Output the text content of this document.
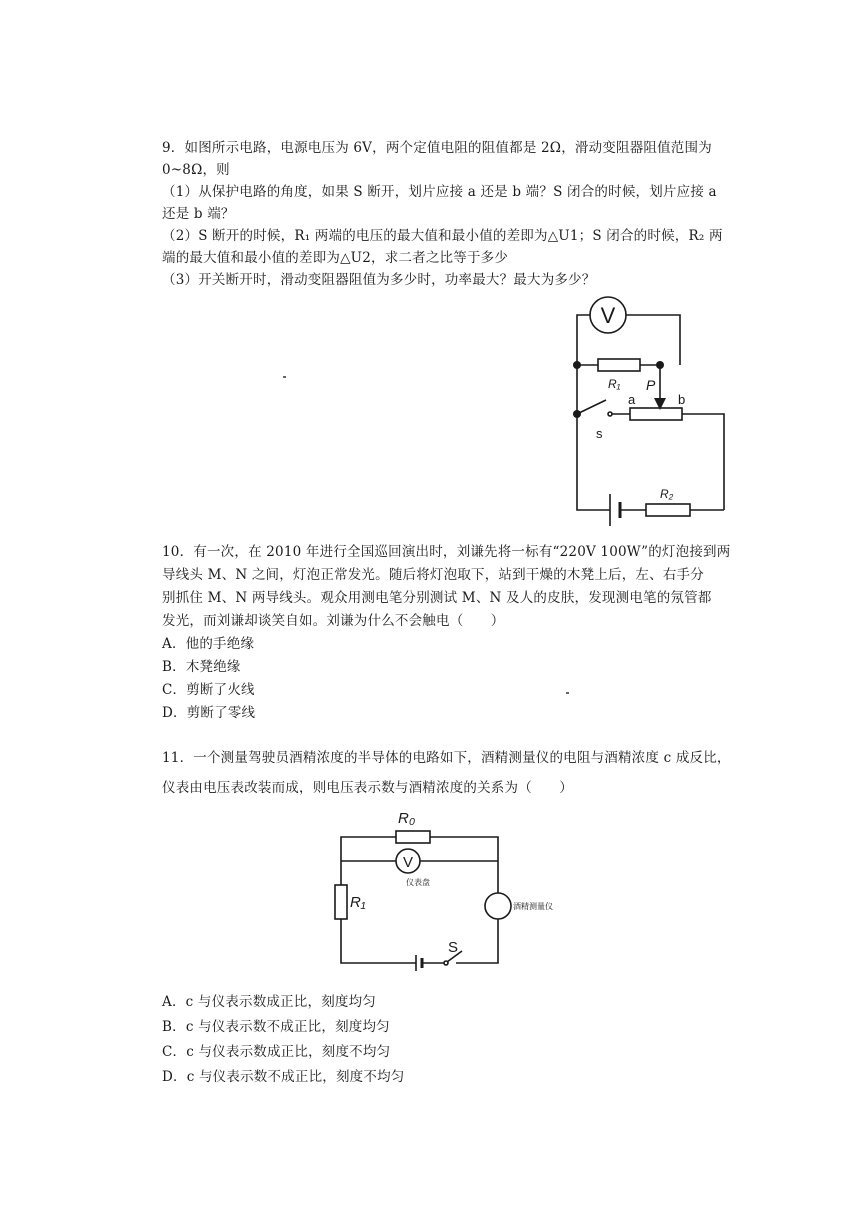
9．如图所示电路，电源电压为 6V，两个定值电阻的阻值都是 2Ω，滑动变阻器阻值范围为
0~8Ω，则
（1）从保护电路的角度，如果 S 断开，划片应接 a 还是 b 端？S 闭合的时候，划片应接 a
还是 b 端？
（2）S 断开的时候，R₁ 两端的电压的最大值和最小值的差即为△U1；S 闭合的时候，R₂ 两
端的最大值和最小值的差即为△U2，求二者之比等于多少
（3）开关断开时，滑动变阻器阻值为多少时，功率最大？最大为多少？
V
R₁ P
s
a	b
R₂
10．有一次，在 2010 年进行全国巡回演出时，刘谦先将一标有“220V 100W”的灯泡接到两
导线头 M、N 之间，灯泡正常发光。随后将灯泡取下，站到干燥的木凳上后，左、右手分
别抓住 M、N 两导线头。观众用测电笔分别测试 M、N 及人的皮肤，发现测电笔的氖管都
发光，而刘谦却谈笑自如。刘谦为什么不会触电（　　）
A．他的手绝缘
B．木凳绝缘
C．剪断了火线
D．剪断了零线
11．一个测量驾驶员酒精浓度的半导体的电路如下，酒精测量仪的电阻与酒精浓度 c 成反比，
仪表由电压表改装而成，则电压表示数与酒精浓度的关系为（　　）
R₀
V
仪表盘
R₁	酒精测量仪
S
A．c 与仪表示数成正比，刻度均匀
B．c 与仪表示数不成正比，刻度均匀
C．c 与仪表示数成正比，刻度不均匀
D．c 与仪表示数不成正比，刻度不均匀
